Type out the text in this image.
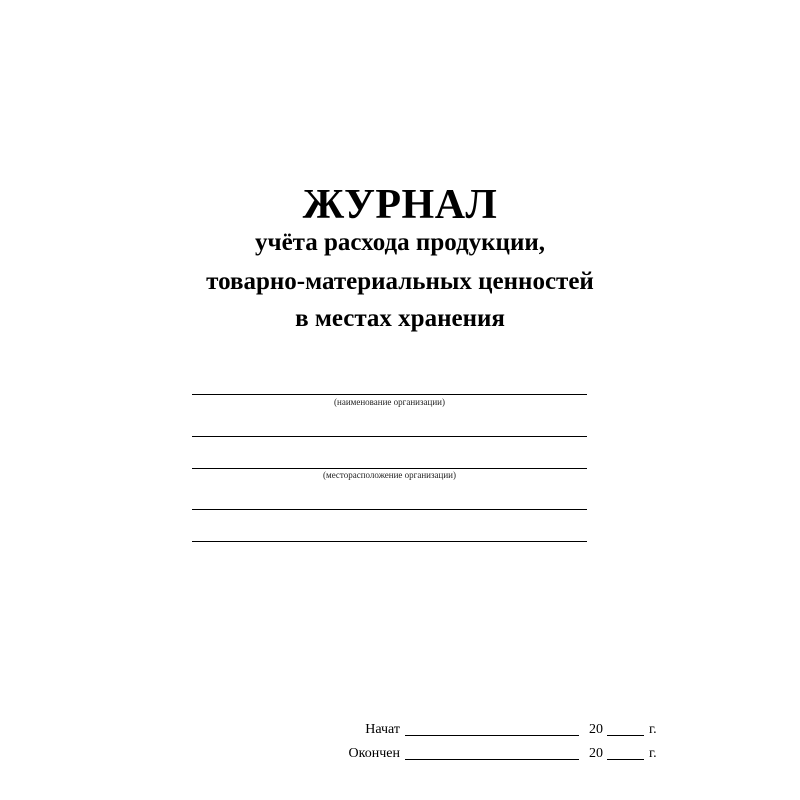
ЖУРНАЛ
учёта расхода продукции,
товарно-материальных ценностей
в местах хранения
(наименование организации)
(месторасположение организации)
Начат	20	г.
Окончен	20	г.
